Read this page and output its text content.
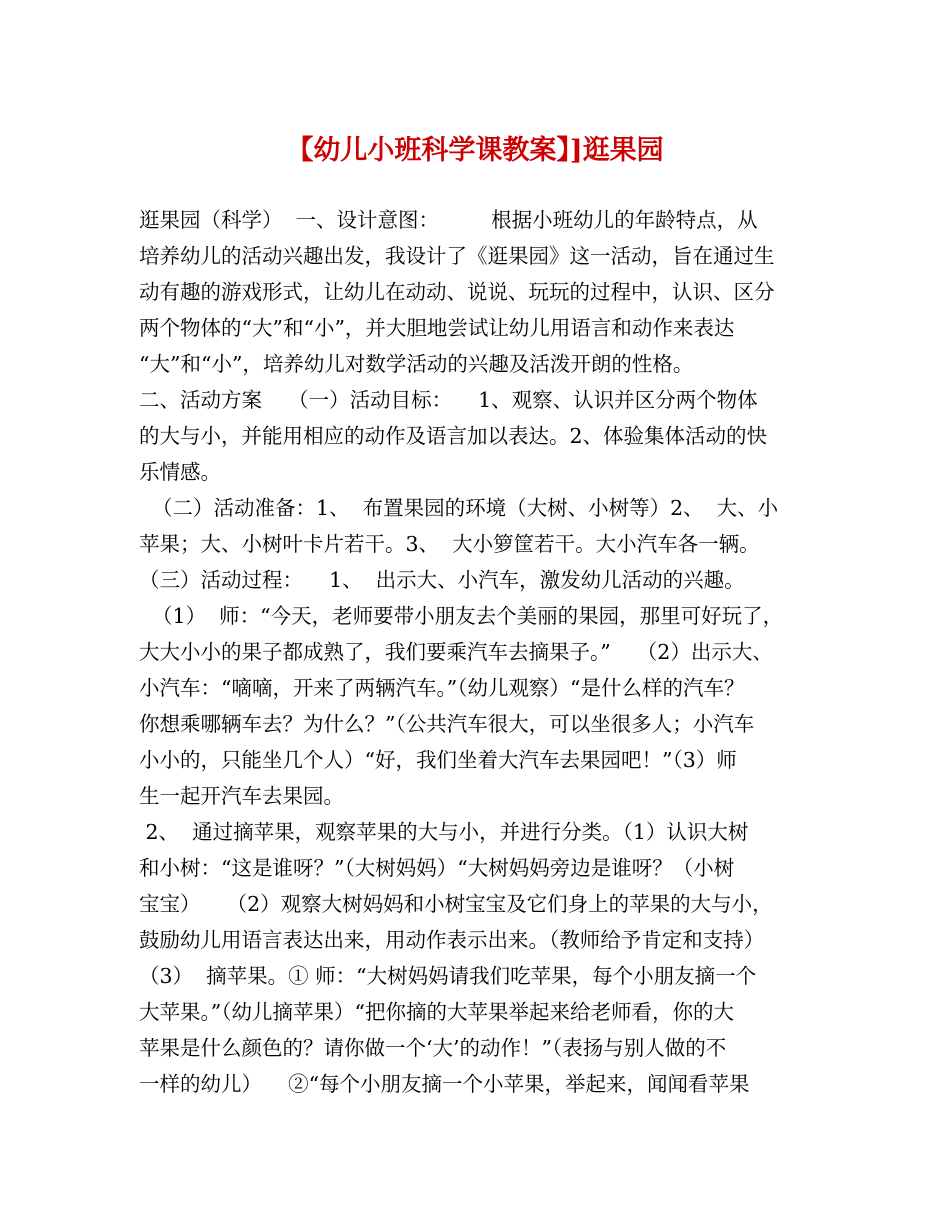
【幼儿小班科学课教案】]逛果园
逛果园（科学）  一、设计意图：        根据小班幼儿的年龄特点，从
培养幼儿的活动兴趣出发，我设计了《逛果园》这一活动，旨在通过生
动有趣的游戏形式，让幼儿在动动、说说、玩玩的过程中，认识、区分
两个物体的“大”和“小”，并大胆地尝试让幼儿用语言和动作来表达
“大”和“小”，培养幼儿对数学活动的兴趣及活泼开朗的性格。
二、活动方案    （一）活动目标：    1、观察、认识并区分两个物体
的大与小，并能用相应的动作及语言加以表达。2、体验集体活动的快
乐情感。
（二）活动准备：1、  布置果园的环境（大树、小树等）2、  大、小
苹果；大、小树叶卡片若干。3、  大小箩筐若干。大小汽车各一辆。
（三）活动过程：    1、  出示大、小汽车，激发幼儿活动的兴趣。
（1）  师：“今天，老师要带小朋友去个美丽的果园，那里可好玩了，
大大小小的果子都成熟了，我们要乘汽车去摘果子。”    （2）出示大、
小汽车：“嘀嘀，开来了两辆汽车。”（幼儿观察）“是什么样的汽车？
你想乘哪辆车去？为什么？”（公共汽车很大，可以坐很多人；小汽车
小小的，只能坐几个人）“好，我们坐着大汽车去果园吧！”（3）师
生一起开汽车去果园。
2、  通过摘苹果，观察苹果的大与小，并进行分类。（1）认识大树
和小树：“这是谁呀？”（大树妈妈）“大树妈妈旁边是谁呀？（小树
宝宝）    （2）观察大树妈妈和小树宝宝及它们身上的苹果的大与小，
鼓励幼儿用语言表达出来，用动作表示出来。（教师给予肯定和支持）
（3）  摘苹果。① 师：“大树妈妈请我们吃苹果，每个小朋友摘一个
大苹果。”（幼儿摘苹果）“把你摘的大苹果举起来给老师看，你的大
苹果是什么颜色的？请你做一个‘大’的动作！”（表扬与别人做的不
一样的幼儿）    ②“每个小朋友摘一个小苹果，举起来，闻闻看苹果
